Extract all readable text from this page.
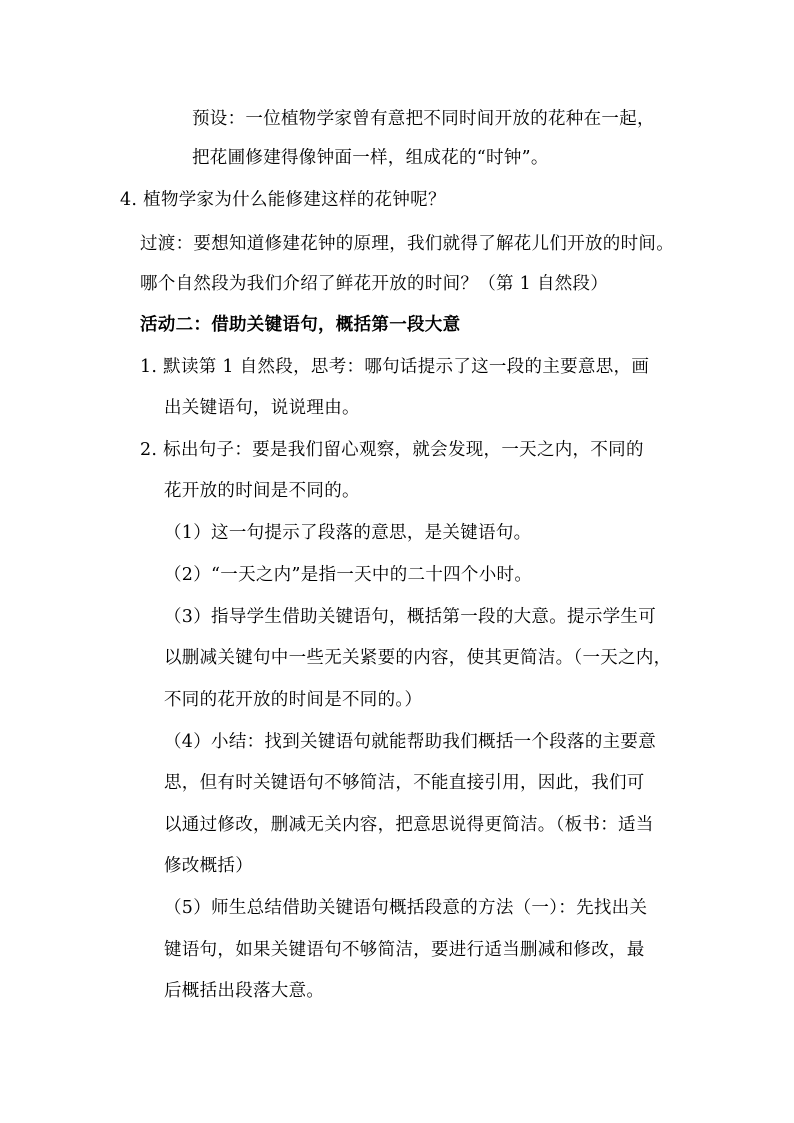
预设：一位植物学家曾有意把不同时间开放的花种在一起，
把花圃修建得像钟面一样，组成花的“时钟”。
4. 植物学家为什么能修建这样的花钟呢？
过渡：要想知道修建花钟的原理，我们就得了解花儿们开放的时间。
哪个自然段为我们介绍了鲜花开放的时间？（第 1 自然段）
活动二：借助关键语句，概括第一段大意
1. 默读第 1 自然段，思考：哪句话提示了这一段的主要意思，画
出关键语句，说说理由。
2. 标出句子：要是我们留心观察，就会发现，一天之内，不同的
花开放的时间是不同的。
（1）这一句提示了段落的意思，是关键语句。
（2）“一天之内”是指一天中的二十四个小时。
（3）指导学生借助关键语句，概括第一段的大意。提示学生可
以删减关键句中一些无关紧要的内容，使其更简洁。（一天之内，
不同的花开放的时间是不同的。）
（4）小结：找到关键语句就能帮助我们概括一个段落的主要意
思，但有时关键语句不够简洁，不能直接引用，因此，我们可
以通过修改，删减无关内容，把意思说得更简洁。（板书：适当
修改概括）
（5）师生总结借助关键语句概括段意的方法（一）：先找出关
键语句，如果关键语句不够简洁，要进行适当删减和修改，最
后概括出段落大意。
